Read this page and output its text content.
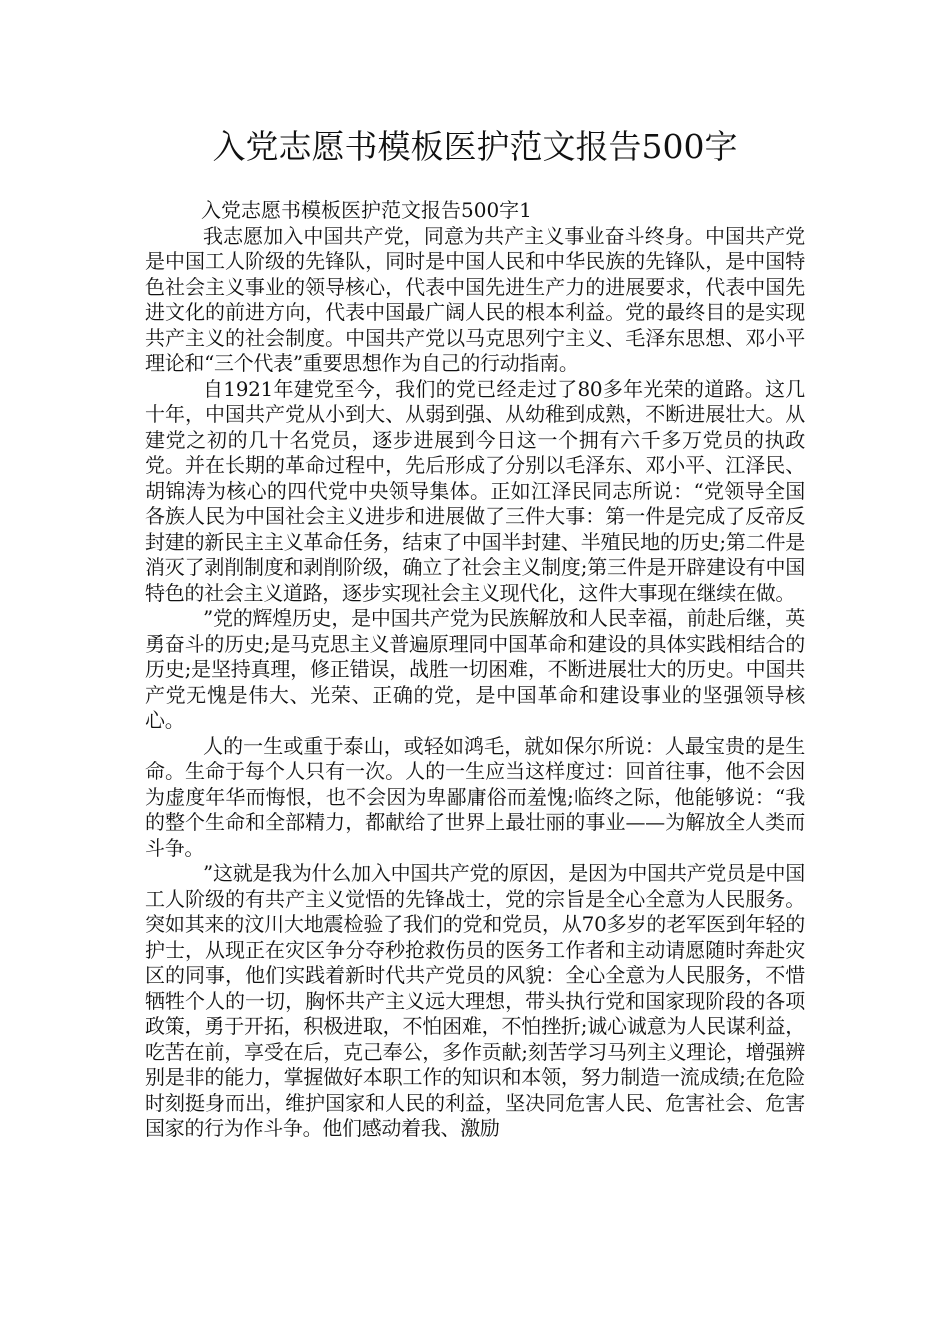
入党志愿书模板医护范文报告500字

入党志愿书模板医护范文报告500字1

我志愿加入中国共产党，同意为共产主义事业奋斗终身。中国共产党是中国工人阶级的先锋队，同时是中国人民和中华民族的先锋队，是中国特色社会主义事业的领导核心，代表中国先进生产力的进展要求，代表中国先进文化的前进方向，代表中国最广阔人民的根本利益。党的最终目的是实现共产主义的社会制度。中国共产党以马克思列宁主义、毛泽东思想、邓小平理论和“三个代表”重要思想作为自己的行动指南。

自1921年建党至今，我们的党已经走过了80多年光荣的道路。这几十年，中国共产党从小到大、从弱到强、从幼稚到成熟，不断进展壮大。从建党之初的几十名党员，逐步进展到今日这一个拥有六千多万党员的执政党。并在长期的革命过程中，先后形成了分别以毛泽东、邓小平、江泽民、胡锦涛为核心的四代党中央领导集体。正如江泽民同志所说：“党领导全国各族人民为中国社会主义进步和进展做了三件大事：第一件是完成了反帝反封建的新民主主义革命任务，结束了中国半封建、半殖民地的历史;第二件是消灭了剥削制度和剥削阶级，确立了社会主义制度;第三件是开辟建设有中国特色的社会主义道路，逐步实现社会主义现代化，这件大事现在继续在做。

”党的辉煌历史，是中国共产党为民族解放和人民幸福，前赴后继，英勇奋斗的历史;是马克思主义普遍原理同中国革命和建设的具体实践相结合的历史;是坚持真理，修正错误，战胜一切困难，不断进展壮大的历史。中国共产党无愧是伟大、光荣、正确的党，是中国革命和建设事业的坚强领导核心。

人的一生或重于泰山，或轻如鸿毛，就如保尔所说：人最宝贵的是生命。生命于每个人只有一次。人的一生应当这样度过：回首往事，他不会因为虚度年华而悔恨，也不会因为卑鄙庸俗而羞愧;临终之际，他能够说：“我的整个生命和全部精力，都献给了世界上最壮丽的事业——为解放全人类而斗争。

”这就是我为什么加入中国共产党的原因，是因为中国共产党员是中国工人阶级的有共产主义觉悟的先锋战士，党的宗旨是全心全意为人民服务。突如其来的汶川大地震检验了我们的党和党员，从70多岁的老军医到年轻的护士，从现正在灾区争分夺秒抢救伤员的医务工作者和主动请愿随时奔赴灾区的同事，他们实践着新时代共产党员的风貌：全心全意为人民服务，不惜牺牲个人的一切，胸怀共产主义远大理想，带头执行党和国家现阶段的各项政策，勇于开拓，积极进取，不怕困难，不怕挫折;诚心诚意为人民谋利益，吃苦在前，享受在后，克己奉公，多作贡献;刻苦学习马列主义理论，增强辨别是非的能力，掌握做好本职工作的知识和本领，努力制造一流成绩;在危险时刻挺身而出，维护国家和人民的利益，坚决同危害人民、危害社会、危害国家的行为作斗争。他们感动着我、激励
